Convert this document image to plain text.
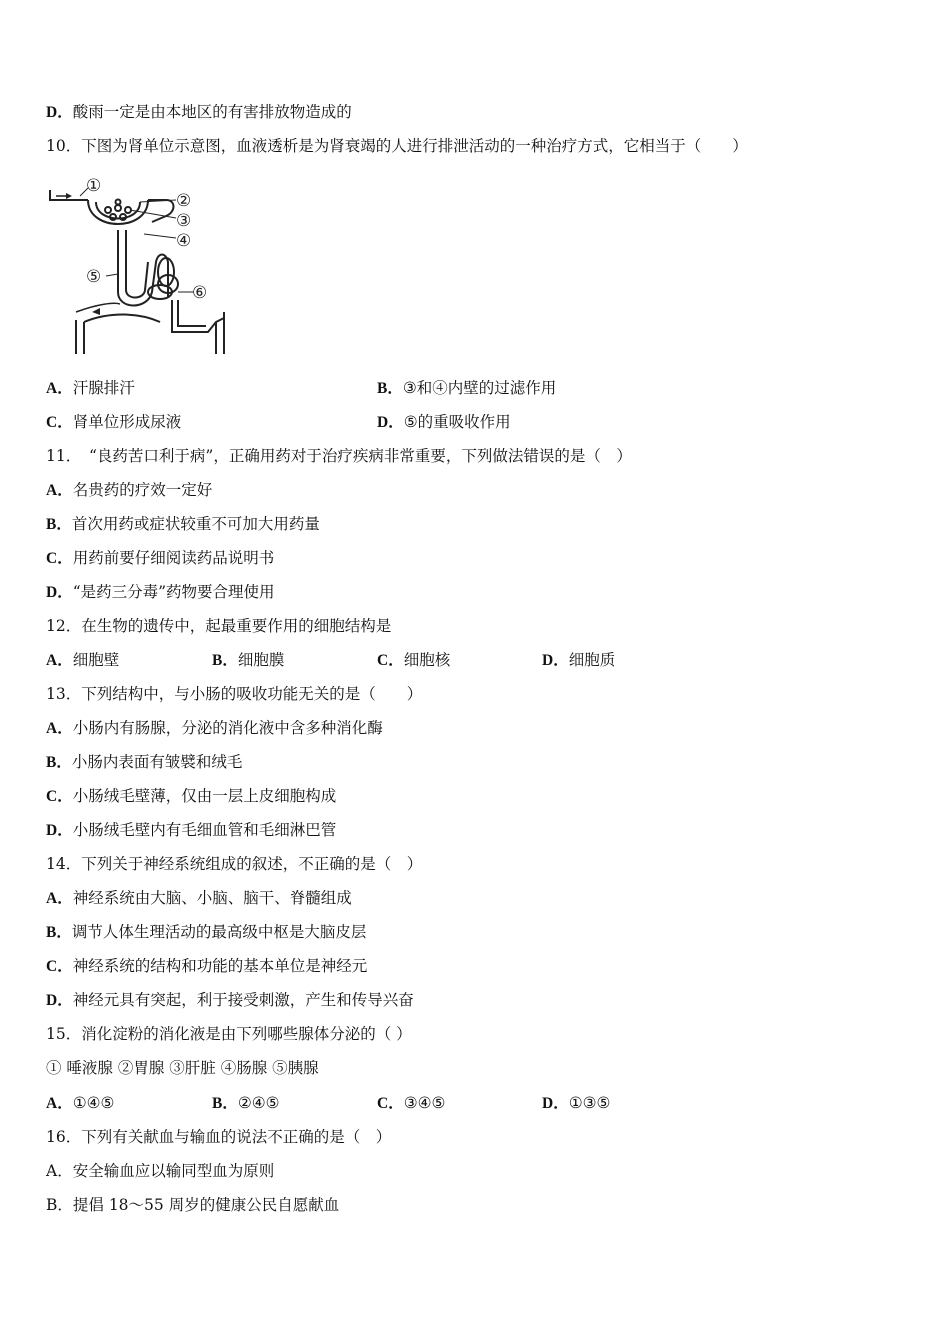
D．酸雨一定是由本地区的有害排放物造成的
10．下图为肾单位示意图，血液透析是为肾衰竭的人进行排泄活动的一种治疗方式，它相当于（　　）
①
②
③
④
⑤
⑥
A．汗腺排汗	B．③和④内壁的过滤作用
C．肾单位形成尿液	D．⑤的重吸收作用
11．　“良药苦口利于病”，正确用药对于治疗疾病非常重要，下列做法错误的是（　）
A．名贵药的疗效一定好
B．首次用药或症状较重不可加大用药量
C．用药前要仔细阅读药品说明书
D．“是药三分毒”药物要合理使用
12．在生物的遗传中，起最重要作用的细胞结构是
A．细胞壁	B．细胞膜	C．细胞核	D．细胞质
13．下列结构中，与小肠的吸收功能无关的是（　　）
A．小肠内有肠腺，分泌的消化液中含多种消化酶
B．小肠内表面有皱襞和绒毛
C．小肠绒毛壁薄，仅由一层上皮细胞构成
D．小肠绒毛壁内有毛细血管和毛细淋巴管
14．下列关于神经系统组成的叙述，不正确的是（　）
A．神经系统由大脑、小脑、脑干、脊髓组成
B．调节人体生理活动的最高级中枢是大脑皮层
C．神经系统的结构和功能的基本单位是神经元
D．神经元具有突起，利于接受刺激，产生和传导兴奋
15．消化淀粉的消化液是由下列哪些腺体分泌的（ ）
① 唾液腺 ②胃腺 ③肝脏 ④肠腺 ⑤胰腺
A．①④⑤	B．②④⑤	C．③④⑤	D．①③⑤
16．下列有关献血与输血的说法不正确的是（　）
A．安全输血应以输同型血为原则
B．提倡 18～55 周岁的健康公民自愿献血
